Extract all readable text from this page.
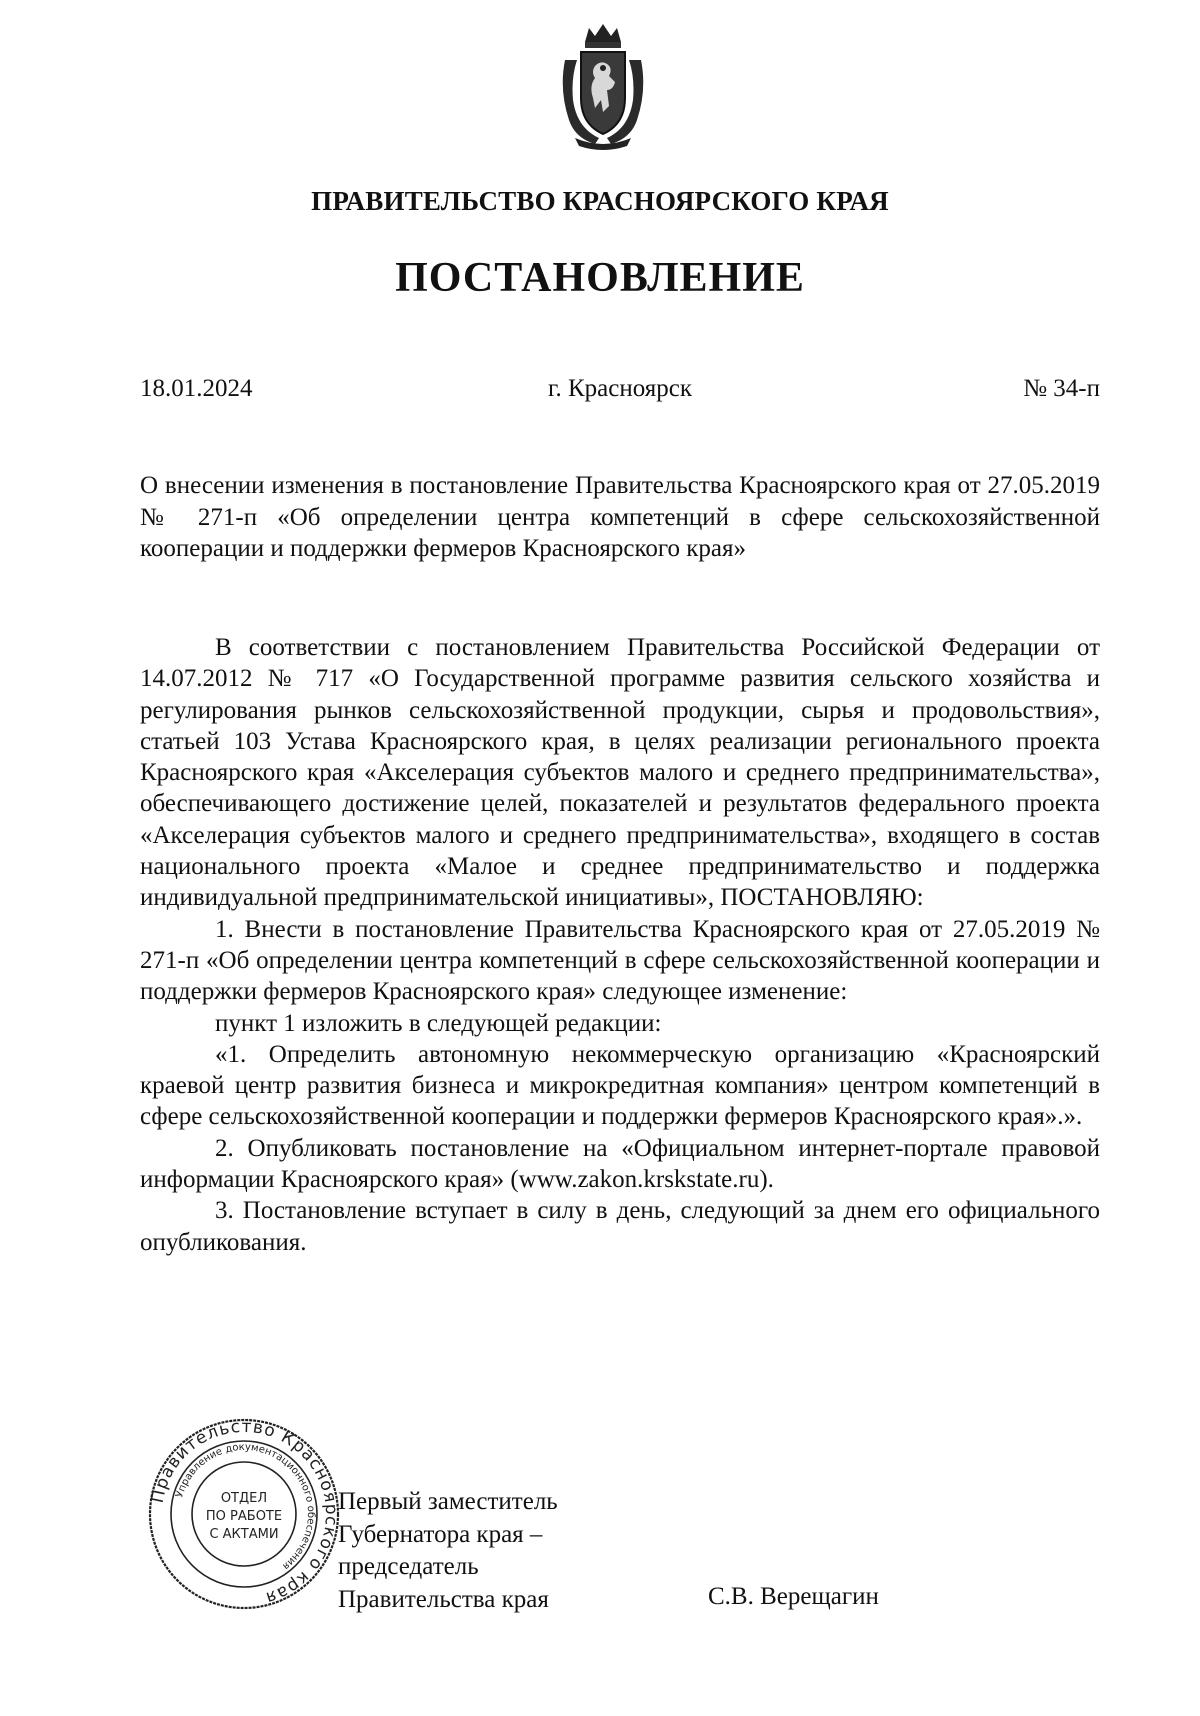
ПРАВИТЕЛЬСТВО КРАСНОЯРСКОГО КРАЯ
ПОСТАНОВЛЕНИЕ
18.01.2024	г. Красноярск	№ 34-п
О внесении изменения в постановление Правительства Красноярского края от 27.05.2019 № 271-п «Об определении центра компетенций в сфере сельскохозяйственной кооперации и поддержки фермеров Красноярского края»

В соответствии с постановлением Правительства Российской Федерации от 14.07.2012 № 717 «О Государственной программе развития сельского хозяйства и регулирования рынков сельскохозяйственной продукции, сырья и продовольствия», статьей 103 Устава Красноярского края, в целях реализации регионального проекта Красноярского края «Акселерация субъектов малого и среднего предпринимательства», обеспечивающего достижение целей, показателей и результатов федерального проекта «Акселерация субъектов малого и среднего предпринимательства», входящего в состав национального проекта «Малое и среднее предпринимательство и поддержка индивидуальной предпринимательской инициативы», ПОСТАНОВЛЯЮ:

1. Внести в постановление Правительства Красноярского края от 27.05.2019 № 271-п «Об определении центра компетенций в сфере сельскохозяйственной кооперации и поддержки фермеров Красноярского края» следующее изменение:

пункт 1 изложить в следующей редакции:

«1. Определить автономную некоммерческую организацию «Красноярский краевой центр развития бизнеса и микрокредитная компания» центром компетенций в сфере сельскохозяйственной кооперации и поддержки фермеров Красноярского края».».

2. Опубликовать постановление на «Официальном интернет-портале правовой информации Красноярского края» (www.zakon.krskstate.ru).

3. Постановление вступает в силу в день, следующий за днем его официального опубликования.

Правительство Красноярского края
Управление документационного обеспечения
ОТДЕЛ
ПО РАБОТЕ
С АКТАМИ
Первый заместитель
Губернатора края –
председатель
Правительства края	С.В. Верещагин
